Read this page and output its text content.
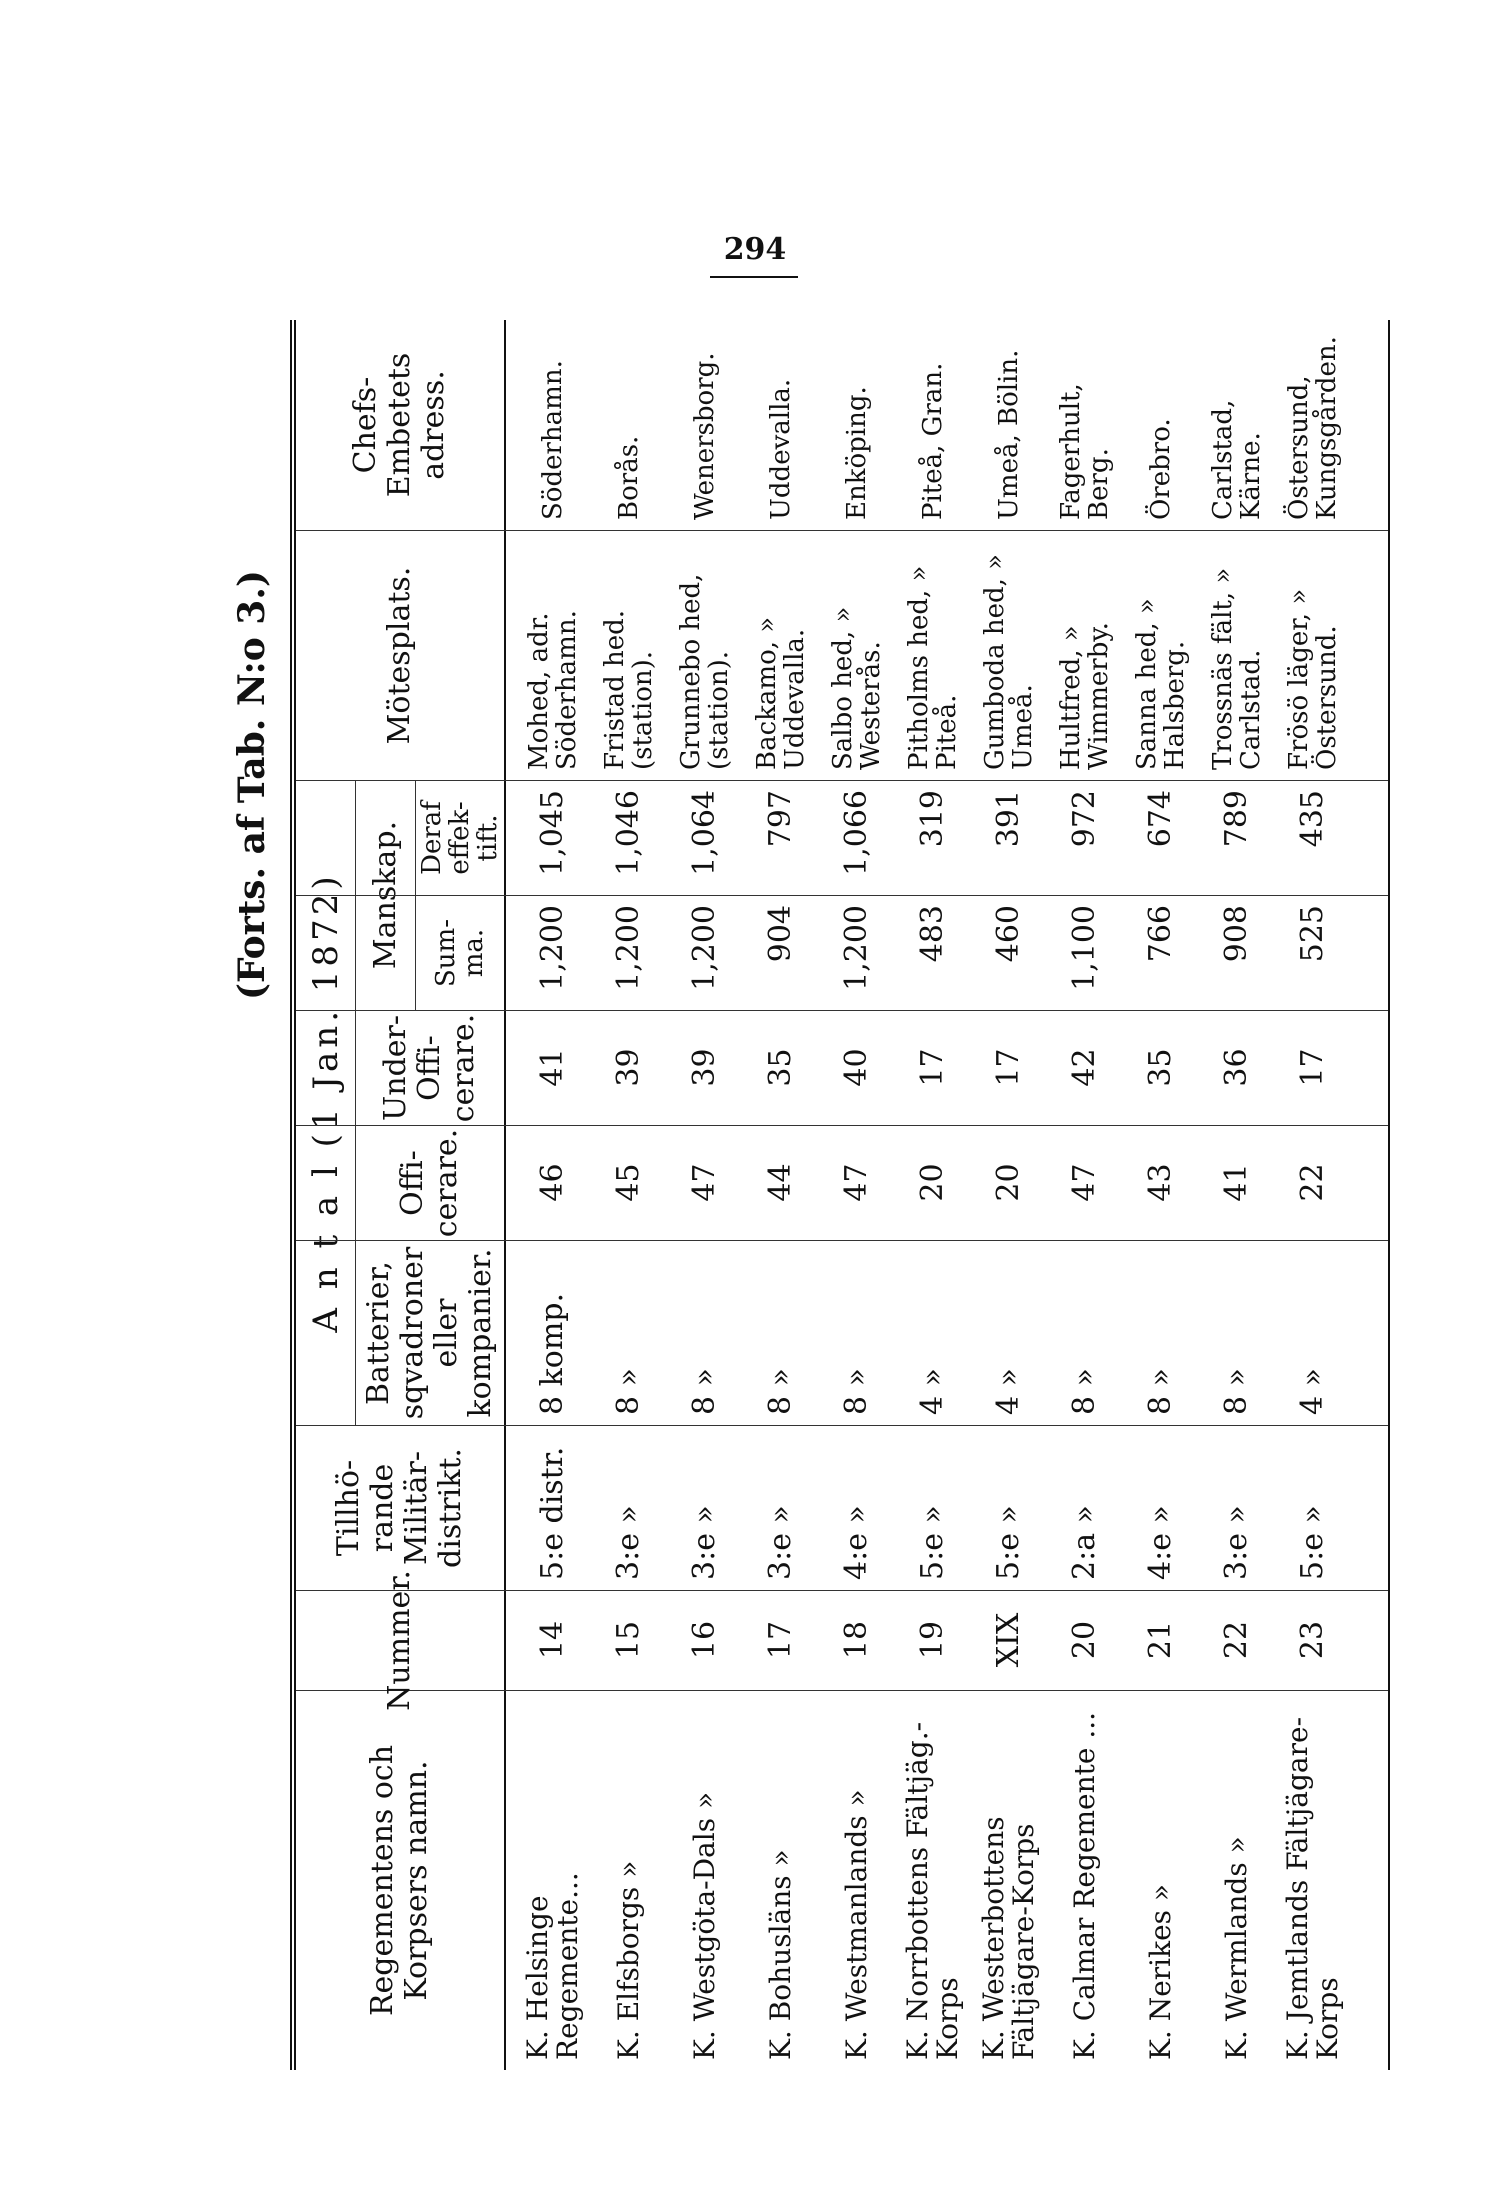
294
(Forts. af Tab. N:o 3.)
Regementens och Korpsers namn.
Nummer.
Tillhö- rande Militär- distrikt.
A n t a l (1 Jan. 1872)
Batterier, sqvadroner eller kompanier.
Offi- cerare.
Under- Offi- cerare.
Manskap.	Sum- ma.
Deraf effek- tift.
Mötesplats.
Chefs- Embetets adress.
K. Helsinge Regemente...
14
5:e distr.
8 komp.
46
41
1,200
1,045
Mohed, adr. Söderhamn.
Söderhamn.
K. Elfsborgs »
15
3:e »
8 »
45
39
1,200
1,046
Fristad hed. (station).
Borås.
K. Westgöta-Dals »
16
3:e »
8 »
47
39
1,200
1,064
Grunnebo hed, (station).
Wenersborg.
K. Bohusläns »
17
3:e »
8 »
44
35
904
797
Backamo, » Uddevalla.
Uddevalla.
K. Westmanlands »
18
4:e »
8 »
47
40
1,200
1,066
Salbo hed, » Westerås.
Enköping.
K. Norrbottens Fältjäg.-Korps
19
5:e »
4 »
20
17
483
319
Pitholms hed, » Piteå.
Piteå, Gran.
K. Westerbottens Fältjägare-Korps
XIX
5:e »
4 »
20
17
460
391
Gumboda hed, » Umeå.
Umeå, Bölin.
K. Calmar Regemente ...
20
2:a »
8 »
47
42
1,100
972
Hultfred, » Wimmerby.
Fagerhult, Berg.
K. Nerikes »
21
4:e »
8 »
43
35
766
674
Sanna hed, » Halsberg.
Örebro.
K. Wermlands »
22
3:e »
8 »
41
36
908
789
Trossnäs fält, » Carlstad.
Carlstad, Kärne.
K. Jemtlands Fältjägare-Korps
23
5:e »
4 »
22
17
525
435
Frösö läger, » Östersund.
Östersund, Kungsgården.
